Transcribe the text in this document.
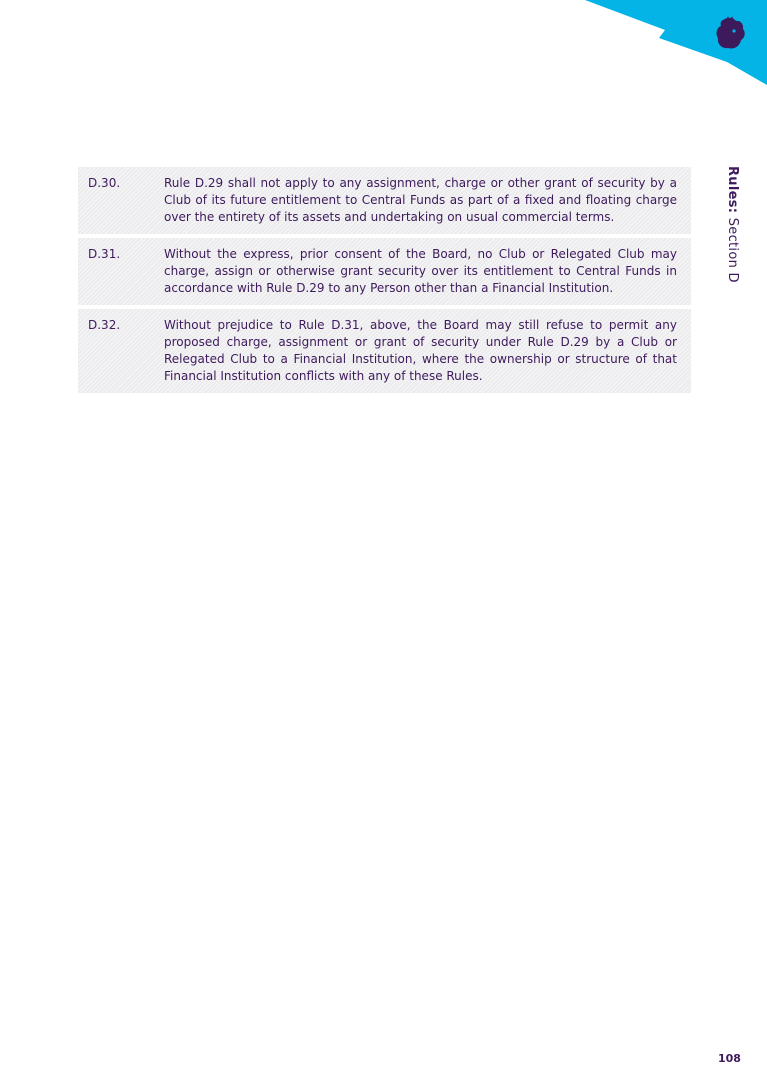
Rules: Section D
D.30.	Rule D.29 shall not apply to any assignment, charge or other grant of security by a Club of its future entitlement to Central Funds as part of a fixed and floating charge over the entirety of its assets and undertaking on usual commercial terms.
D.31.	Without the express, prior consent of the Board, no Club or Relegated Club may charge, assign or otherwise grant security over its entitlement to Central Funds in accordance with Rule D.29 to any Person other than a Financial Institution.
D.32.	Without prejudice to Rule D.31, above, the Board may still refuse to permit any proposed charge, assignment or grant of security under Rule D.29 by a Club or Relegated Club to a Financial Institution, where the ownership or structure of that Financial Institution conflicts with any of these Rules.
108
